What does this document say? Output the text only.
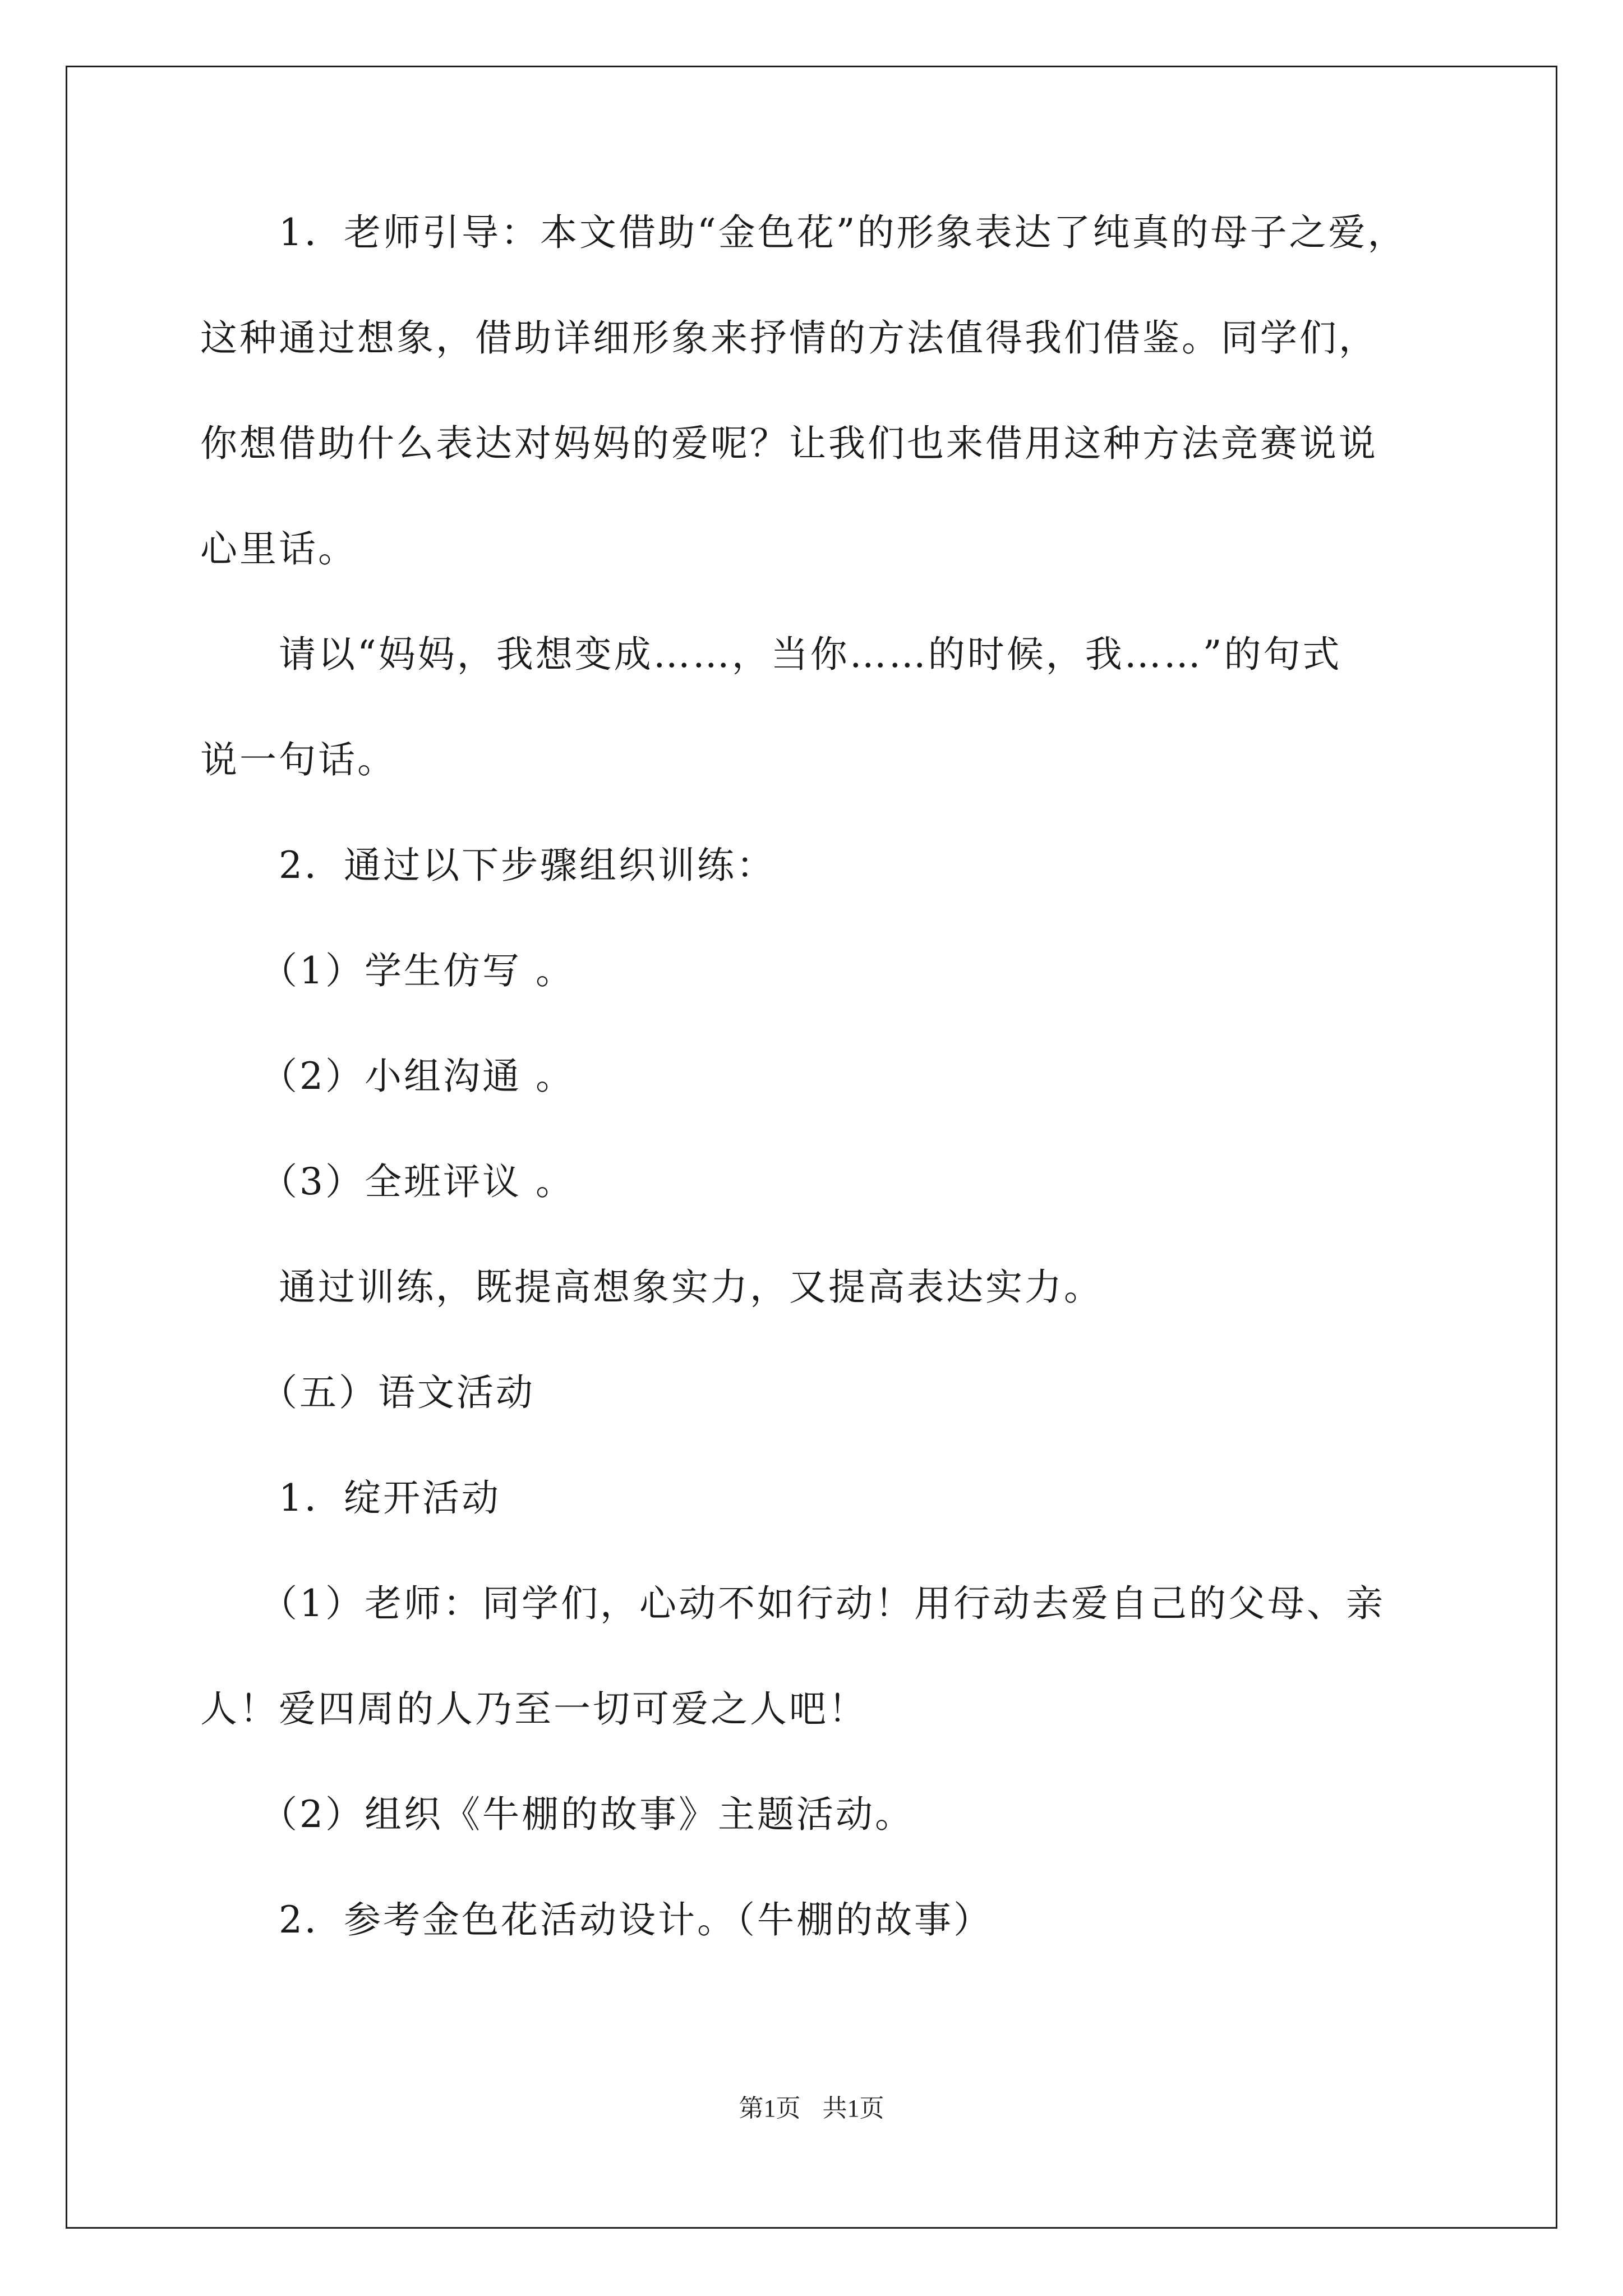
　　1．老师引导：本文借助“金色花”的形象表达了纯真的母子之爱，
这种通过想象，借助详细形象来抒情的方法值得我们借鉴。同学们，
你想借助什么表达对妈妈的爱呢？让我们也来借用这种方法竞赛说说
心里话。
　　请以“妈妈，我想变成……，当你……的时候，我……”的句式
说一句话。
　　2．通过以下步骤组织训练：
　　（1）学生仿写 。
　　（2）小组沟通 。
　　（3）全班评议 。
　　通过训练，既提高想象实力，又提高表达实力。
　　（五）语文活动
　　1．绽开活动
　　（1）老师：同学们，心动不如行动！用行动去爱自己的父母、亲
人！爱四周的人乃至一切可爱之人吧！
　　（2）组织《牛棚的故事》主题活动。
　　2．参考金色花活动设计。（牛棚的故事）
第1页 共1页
